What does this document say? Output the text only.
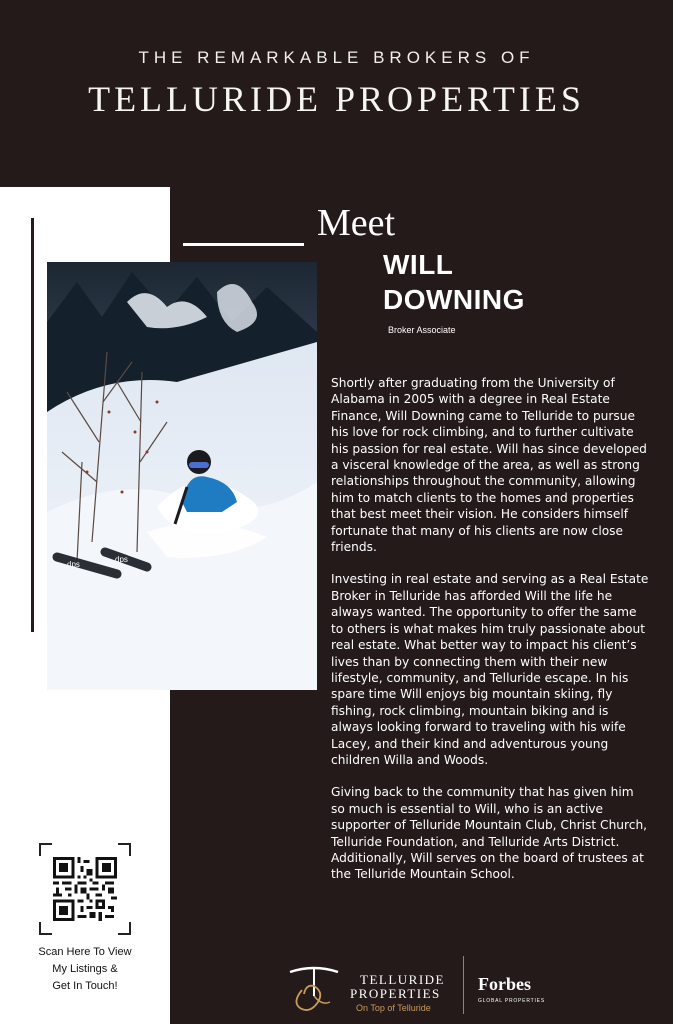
THE REMARKABLE BROKERS OF
TELLURIDE PROPERTIES
Meet
WILL
DOWNING
Broker Associate
dps
dps

Shortly after graduating from the University of Alabama in 2005 with a degree in Real Estate Finance, Will Downing came to Telluride to pursue his love for rock climbing, and to further cultivate his passion for real estate. Will has since developed a visceral knowledge of the area, as well as strong relationships throughout the community, allowing him to match clients to the homes and properties that best meet their vision. He considers himself fortunate that many of his clients are now close friends.

Investing in real estate and serving as a Real Estate Broker in Telluride has afforded Will the life he always wanted. The opportunity to offer the same to others is what makes him truly passionate about real estate. What better way to impact his client’s lives than by connecting them with their new lifestyle, community, and Telluride escape. In his spare time Will enjoys big mountain skiing, fly fishing, rock climbing, mountain biking and is always looking forward to traveling with his wife Lacey, and their kind and adventurous young children Willa and Woods.

Giving back to the community that has given him so much is essential to Will, who is an active supporter of Telluride Mountain Club, Christ Church, Telluride Foundation, and Telluride Arts District. Additionally, Will serves on the board of trustees at the Telluride Mountain School.

Scan Here To View
My Listings &
Get In Touch!	TELLURIDE
PROPERTIES
On Top of Telluride
Forbes
GLOBAL PROPERTIES
